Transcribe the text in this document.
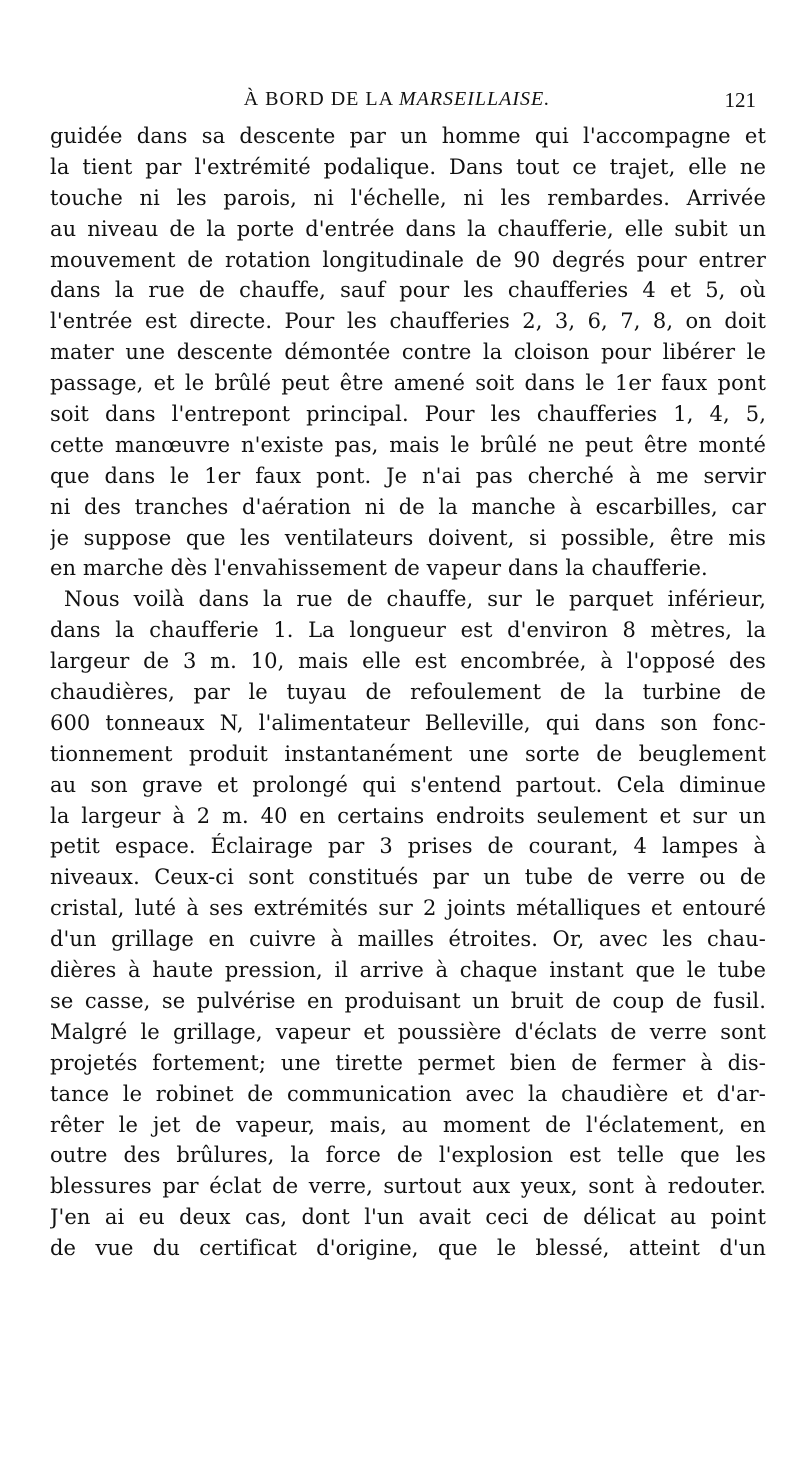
À BORD DE LA MARSEILLAISE.	121
guidée dans sa descente par un homme qui l'accompagne et
la tient par l'extrémité podalique. Dans tout ce trajet, elle ne
touche ni les parois, ni l'échelle, ni les rembardes. Arrivée
au niveau de la porte d'entrée dans la chaufferie, elle subit un
mouvement de rotation longitudinale de 90 degrés pour entrer
dans la rue de chauffe, sauf pour les chaufferies 4 et 5, où
l'entrée est directe. Pour les chaufferies 2, 3, 6, 7, 8, on doit
mater une descente démontée contre la cloison pour libérer le
passage, et le brûlé peut être amené soit dans le 1er faux pont
soit dans l'entrepont principal. Pour les chaufferies 1, 4, 5,
cette manœuvre n'existe pas, mais le brûlé ne peut être monté
que dans le 1er faux pont. Je n'ai pas cherché à me servir
ni des tranches d'aération ni de la manche à escarbilles, car
je suppose que les ventilateurs doivent, si possible, être mis
en marche dès l'envahissement de vapeur dans la chaufferie.
Nous voilà dans la rue de chauffe, sur le parquet inférieur,
dans la chaufferie 1. La longueur est d'environ 8 mètres, la
largeur de 3 m. 10, mais elle est encombrée, à l'opposé des
chaudières, par le tuyau de refoulement de la turbine de
600 tonneaux N, l'alimentateur Belleville, qui dans son fonc-
tionnement produit instantanément une sorte de beuglement
au son grave et prolongé qui s'entend partout. Cela diminue
la largeur à 2 m. 40 en certains endroits seulement et sur un
petit espace. Éclairage par 3 prises de courant, 4 lampes à
niveaux. Ceux-ci sont constitués par un tube de verre ou de
cristal, luté à ses extrémités sur 2 joints métalliques et entouré
d'un grillage en cuivre à mailles étroites. Or, avec les chau-
dières à haute pression, il arrive à chaque instant que le tube
se casse, se pulvérise en produisant un bruit de coup de fusil.
Malgré le grillage, vapeur et poussière d'éclats de verre sont
projetés fortement; une tirette permet bien de fermer à dis-
tance le robinet de communication avec la chaudière et d'ar-
rêter le jet de vapeur, mais, au moment de l'éclatement, en
outre des brûlures, la force de l'explosion est telle que les
blessures par éclat de verre, surtout aux yeux, sont à redouter.
J'en ai eu deux cas, dont l'un avait ceci de délicat au point
de vue du certificat d'origine, que le blessé, atteint d'un
